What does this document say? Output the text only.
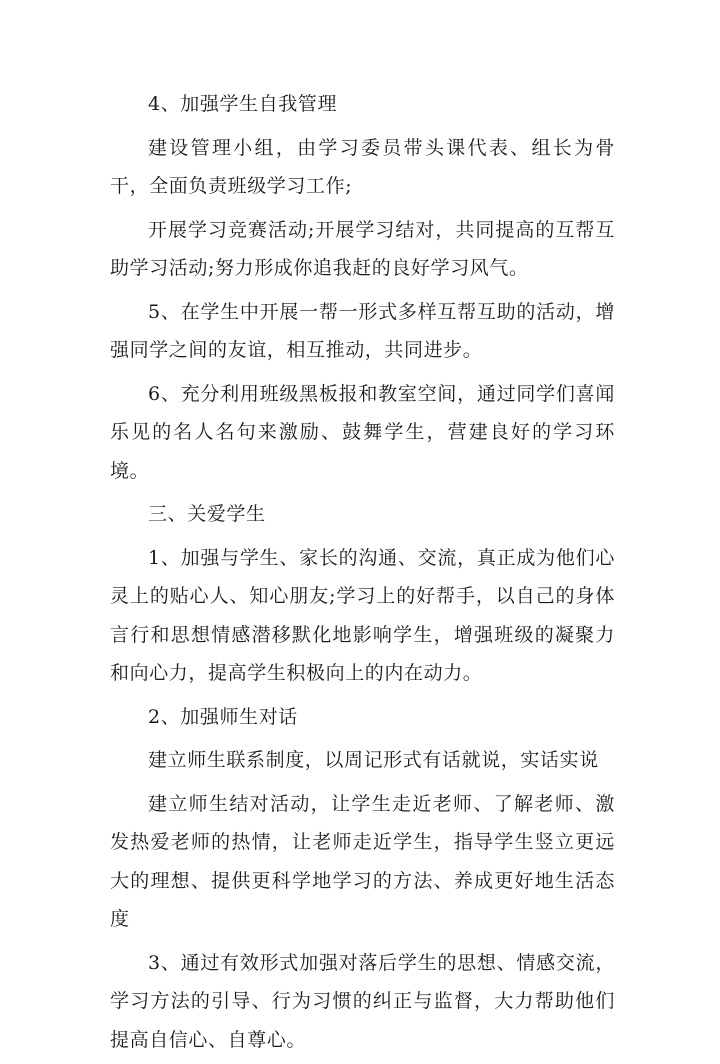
4、加强学生自我管理

建设管理小组，由学习委员带头课代表、组长为骨干，全面负责班级学习工作;

开展学习竞赛活动;开展学习结对，共同提高的互帮互助学习活动;努力形成你追我赶的良好学习风气。

5、在学生中开展一帮一形式多样互帮互助的活动，增强同学之间的友谊，相互推动，共同进步。

6、充分利用班级黑板报和教室空间，通过同学们喜闻乐见的名人名句来激励、鼓舞学生，营建良好的学习环境。

三、关爱学生

1、加强与学生、家长的沟通、交流，真正成为他们心灵上的贴心人、知心朋友;学习上的好帮手，以自己的身体言行和思想情感潜移默化地影响学生，增强班级的凝聚力和向心力，提高学生积极向上的内在动力。

2、加强师生对话

建立师生联系制度，以周记形式有话就说，实话实说

建立师生结对活动，让学生走近老师、了解老师、激发热爱老师的热情，让老师走近学生，指导学生竖立更远大的理想、提供更科学地学习的方法、养成更好地生活态度

3、通过有效形式加强对落后学生的思想、情感交流，学习方法的引导、行为习惯的纠正与监督，大力帮助他们提高自信心、自尊心。
